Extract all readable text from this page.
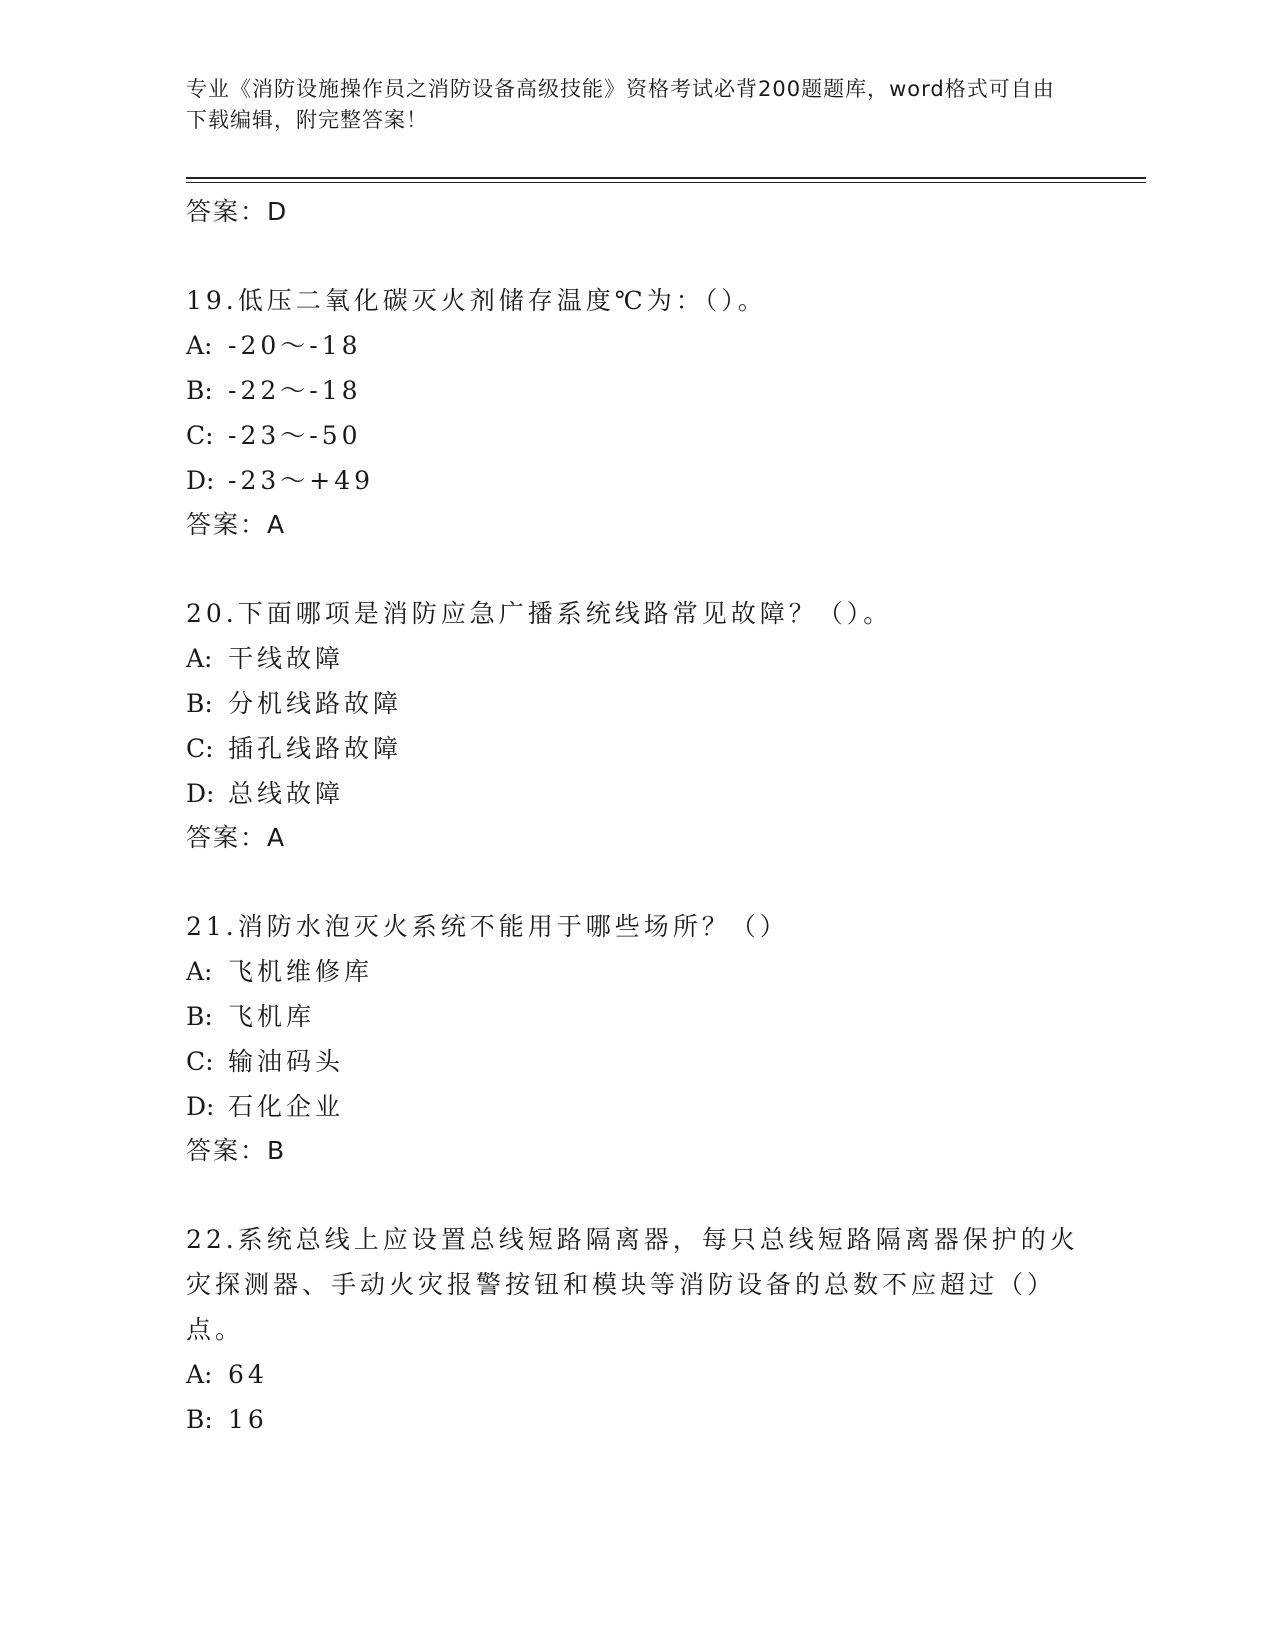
专业《消防设施操作员之消防设备高级技能》资格考试必背200题题库，word格式可自由下载编辑，附完整答案！
答案：D
19.低压二氧化碳灭火剂储存温度℃为：（）。
A: -20～-18
B: -22～-18
C: -23～-50
D: -23～+49
答案：A
20.下面哪项是消防应急广播系统线路常见故障？（）。
A: 干线故障
B: 分机线路故障
C: 插孔线路故障
D: 总线故障
答案：A
21.消防水泡灭火系统不能用于哪些场所？（）
A: 飞机维修库
B: 飞机库
C: 输油码头
D: 石化企业
答案：B
22.系统总线上应设置总线短路隔离器，每只总线短路隔离器保护的火灾探测器、手动火灾报警按钮和模块等消防设备的总数不应超过（）点。
A: 64
B: 16
